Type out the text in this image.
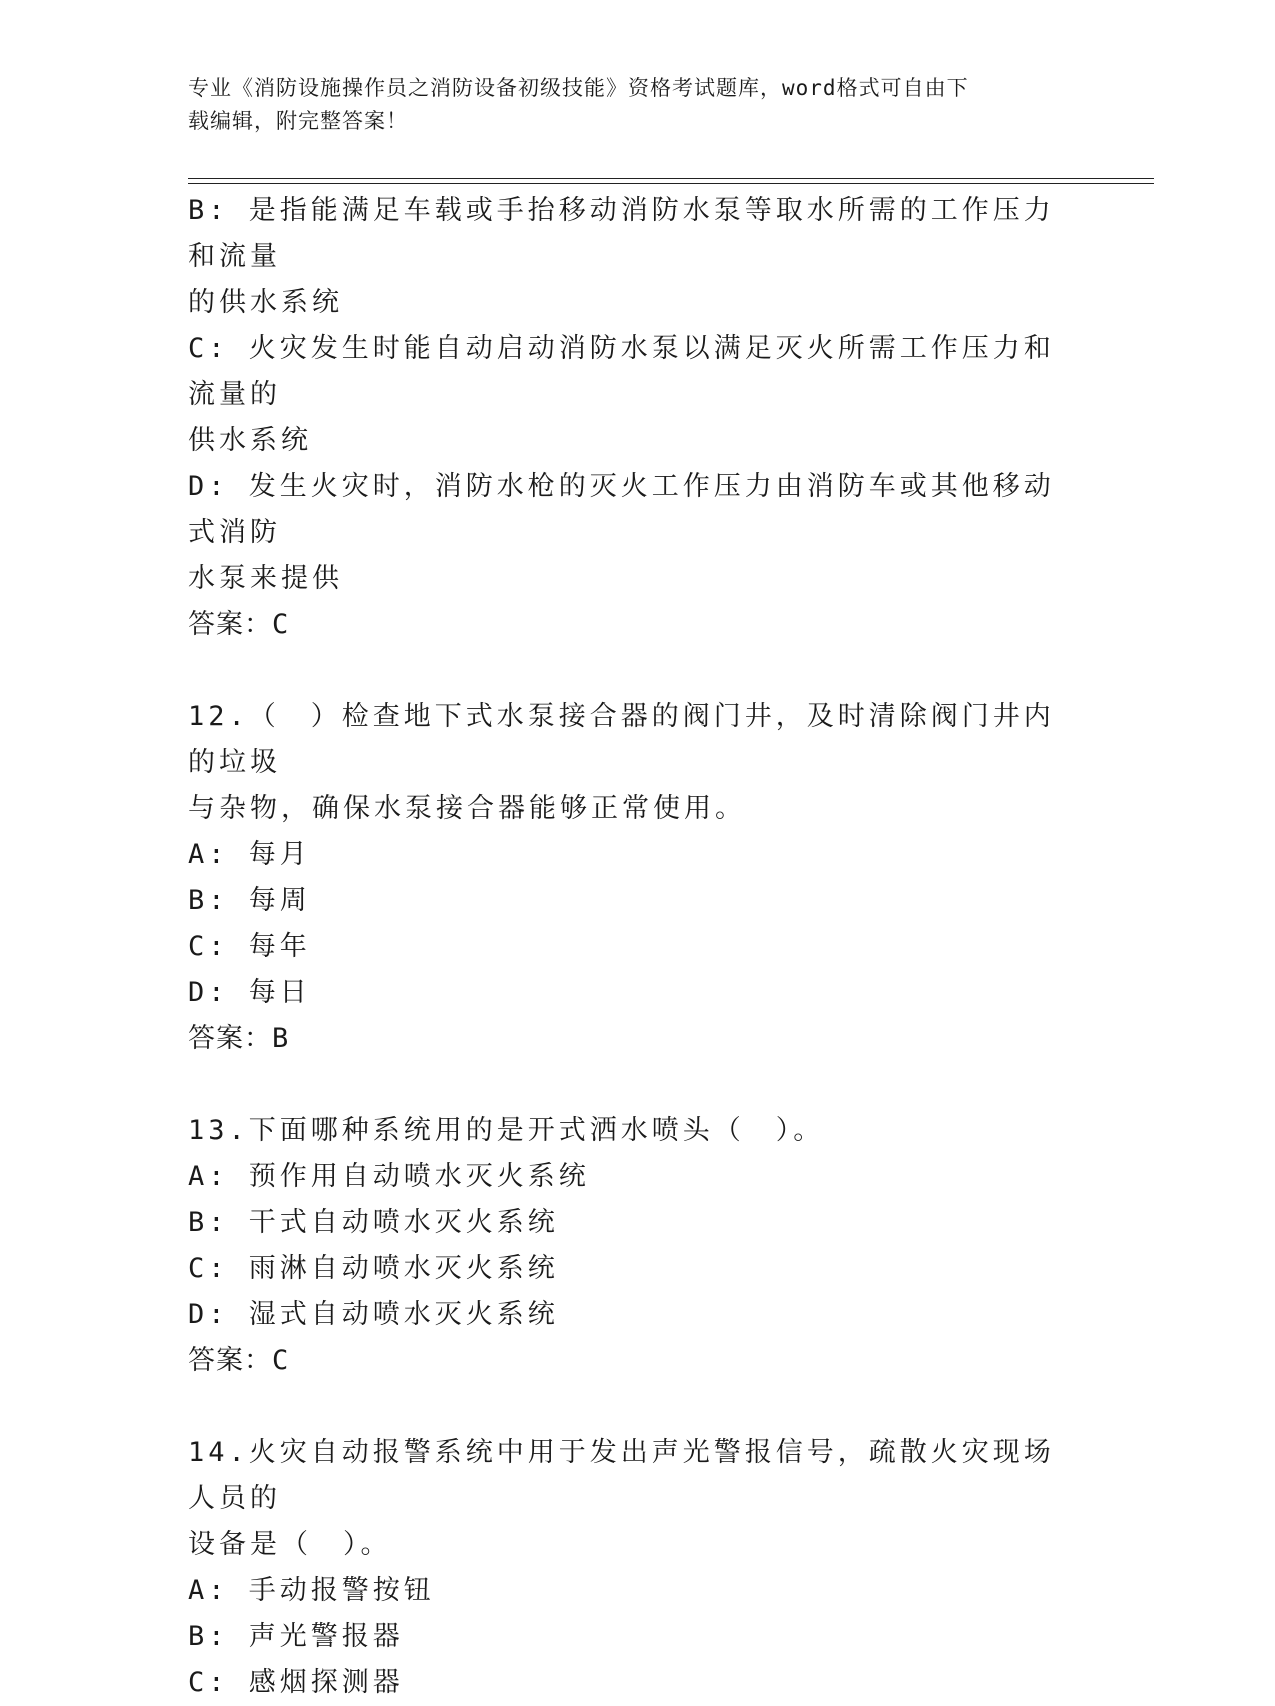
专业《消防设施操作员之消防设备初级技能》资格考试题库，word格式可自由下
载编辑，附完整答案！
B: 是指能满足车载或手抬移动消防水泵等取水所需的工作压力和流量
的供水系统
C: 火灾发生时能自动启动消防水泵以满足灭火所需工作压力和流量的
供水系统
D: 发生火灾时，消防水枪的灭火工作压力由消防车或其他移动式消防
水泵来提供
答案：C
12.（　）检查地下式水泵接合器的阀门井，及时清除阀门井内的垃圾
与杂物，确保水泵接合器能够正常使用。
A: 每月
B: 每周
C: 每年
D: 每日
答案：B
13.下面哪种系统用的是开式洒水喷头（　）。
A: 预作用自动喷水灭火系统
B: 干式自动喷水灭火系统
C: 雨淋自动喷水灭火系统
D: 湿式自动喷水灭火系统
答案：C
14.火灾自动报警系统中用于发出声光警报信号，疏散火灾现场人员的
设备是（　）。
A: 手动报警按钮
B: 声光警报器
C: 感烟探测器
